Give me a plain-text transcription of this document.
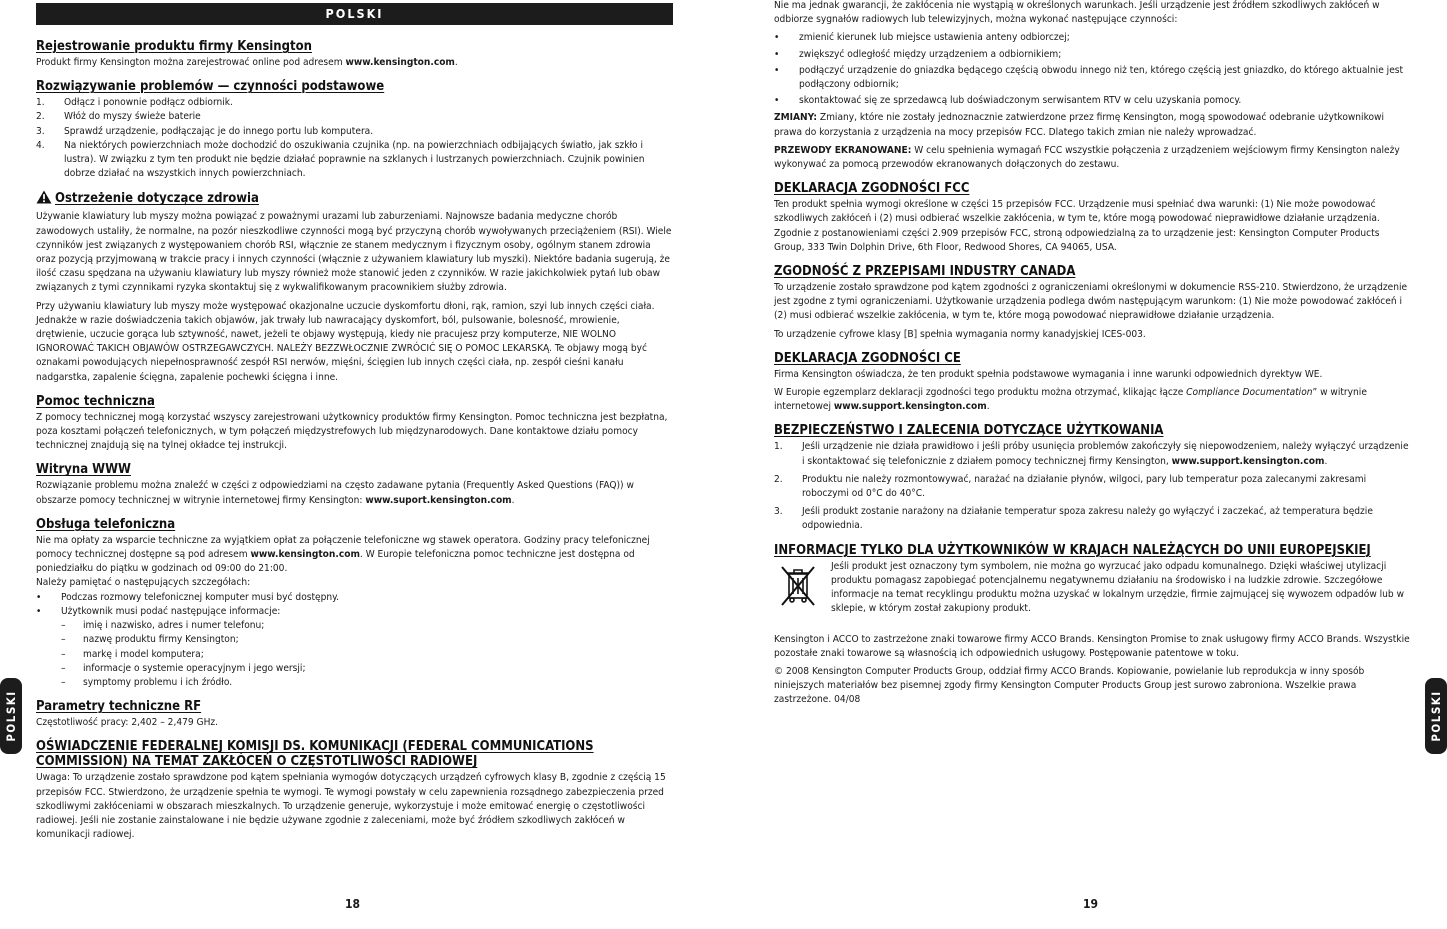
POLSKI
Rejestrowanie produktu firmy Kensington

Produkt firmy Kensington można zarejestrować online pod adresem www.kensington.com.

Rozwiązywanie problemów — czynności podstawowe
1. Odłącz i ponownie podłącz odbiornik.
2. Włóż do myszy świeże baterie
3. Sprawdź urządzenie, podłączając je do innego portu lub komputera.
4. Na niektórych powierzchniach może dochodzić do oszukiwania czujnika (np. na powierzchniach odbijających światło, jak szkło i lustra). W związku z tym ten produkt nie będzie działać poprawnie na szklanych i lustrzanych powierzchniach. Czujnik powinien dobrze działać na wszystkich innych powierzchniach.
Ostrzeżenie dotyczące zdrowia

Używanie klawiatury lub myszy można powiązać z poważnymi urazami lub zaburzeniami. Najnowsze badania medyczne chorób zawodowych ustaliły, że normalne, na pozór nieszkodliwe czynności mogą być przyczyną chorób wywoływanych przeciążeniem (RSI). Wiele czynników jest związanych z występowaniem chorób RSI, włącznie ze stanem medycznym i fizycznym osoby, ogólnym stanem zdrowia oraz pozycją przyjmowaną w trakcie pracy i innych czynności (włącznie z używaniem klawiatury lub myszki). Niektóre badania sugerują, że ilość czasu spędzana na używaniu klawiatury lub myszy również może stanowić jeden z czynników. W razie jakichkolwiek pytań lub obaw związanych z tymi czynnikami ryzyka skontaktuj się z wykwalifikowanym pracownikiem służby zdrowia.

Przy używaniu klawiatury lub myszy może występować okazjonalne uczucie dyskomfortu dłoni, rąk, ramion, szyi lub innych części ciała. Jednakże w razie doświadczenia takich objawów, jak trwały lub nawracający dyskomfort, ból, pulsowanie, bolesność, mrowienie, drętwienie, uczucie gorąca lub sztywność, nawet, jeżeli te objawy występują, kiedy nie pracujesz przy komputerze, NIE WOLNO IGNOROWAĆ TAKICH OBJAWÓW OSTRZEGAWCZYCH. NALEŻY BEZZWŁOCZNIE ZWRÓCIĆ SIĘ O POMOC LEKARSKĄ. Te objawy mogą być oznakami powodujących niepełnosprawność zespół RSI nerwów, mięśni, ścięgien lub innych części ciała, np. zespół cieśni kanału nadgarstka, zapalenie ścięgna, zapalenie pochewki ścięgna i inne.

Pomoc techniczna

Z pomocy technicznej mogą korzystać wszyscy zarejestrowani użytkownicy produktów firmy Kensington. Pomoc techniczna jest bezpłatna, poza kosztami połączeń telefonicznych, w tym połączeń międzystrefowych lub międzynarodowych. Dane kontaktowe działu pomocy technicznej znajdują się na tylnej okładce tej instrukcji.

Witryna WWW

Rozwiązanie problemu można znaleźć w części z odpowiedziami na często zadawane pytania (Frequently Asked Questions (FAQ)) w obszarze pomocy technicznej w witrynie internetowej firmy Kensington: www.suport.kensington.com.

Obsługa telefoniczna

Nie ma opłaty za wsparcie techniczne za wyjątkiem opłat za połączenie telefoniczne wg stawek operatora. Godziny pracy telefonicznej pomocy technicznej dostępne są pod adresem www.kensington.com. W Europie telefoniczna pomoc techniczne jest dostępna od poniedziałku do piątku w godzinach od 09:00 do 21:00.

Należy pamiętać o następujących szczegółach:

• Podczas rozmowy telefonicznej komputer musi być dostępny.
• Użytkownik musi podać następujące informacje:
– imię i nazwisko, adres i numer telefonu;
– nazwę produktu firmy Kensington;
– markę i model komputera;
– informacje o systemie operacyjnym i jego wersji;
– symptomy problemu i ich źródło.
Parametry techniczne RF

Częstotliwość pracy: 2,402 – 2,479 GHz.

OŚWIADCZENIE FEDERALNEJ KOMISJI DS. KOMUNIKACJI (FEDERAL COMMUNICATIONS COMMISSION) NA TEMAT ZAKŁÓCEŃ O CZĘSTOTLIWOŚCI RADIOWEJ

Uwaga: To urządzenie zostało sprawdzone pod kątem spełniania wymogów dotyczących urządzeń cyfrowych klasy B, zgodnie z częścią 15 przepisów FCC. Stwierdzono, że urządzenie spełnia te wymogi. Te wymogi powstały w celu zapewnienia rozsądnego zabezpieczenia przed szkodliwymi zakłóceniami w obszarach mieszkalnych. To urządzenie generuje, wykorzystuje i może emitować energię o częstotliwości radiowej. Jeśli nie zostanie zainstalowane i nie będzie używane zgodnie z zaleceniami, może być źródłem szkodliwych zakłóceń w komunikacji radiowej.

18
POLSKI

Nie ma jednak gwarancji, że zakłócenia nie wystąpią w określonych warunkach. Jeśli urządzenie jest źródłem szkodliwych zakłóceń w odbiorze sygnałów radiowych lub telewizyjnych, można wykonać następujące czynności:

• zmienić kierunek lub miejsce ustawienia anteny odbiorczej;
• zwiększyć odległość między urządzeniem a odbiornikiem;
• podłączyć urządzenie do gniazdka będącego częścią obwodu innego niż ten, którego częścią jest gniazdko, do którego aktualnie jest podłączony odbiornik;
• skontaktować się ze sprzedawcą lub doświadczonym serwisantem RTV w celu uzyskania pomocy.

ZMIANY: Zmiany, które nie zostały jednoznacznie zatwierdzone przez firmę Kensington, mogą spowodować odebranie użytkownikowi prawa do korzystania z urządzenia na mocy przepisów FCC. Dlatego takich zmian nie należy wprowadzać.

PRZEWODY EKRANOWANE: W celu spełnienia wymagań FCC wszystkie połączenia z urządzeniem wejściowym firmy Kensington należy wykonywać za pomocą przewodów ekranowanych dołączonych do zestawu.

DEKLARACJA ZGODNOŚCI FCC

Ten produkt spełnia wymogi określone w części 15 przepisów FCC. Urządzenie musi spełniać dwa warunki: (1) Nie może powodować szkodliwych zakłóceń i (2) musi odbierać wszelkie zakłócenia, w tym te, które mogą powodować nieprawidłowe działanie urządzenia. Zgodnie z postanowieniami części 2.909 przepisów FCC, stroną odpowiedzialną za to urządzenie jest: Kensington Computer Products Group, 333 Twin Dolphin Drive, 6th Floor, Redwood Shores, CA 94065, USA.

ZGODNOŚĆ Z PRZEPISAMI INDUSTRY CANADA

To urządzenie zostało sprawdzone pod kątem zgodności z ograniczeniami określonymi w dokumencie RSS-210. Stwierdzono, że urządzenie jest zgodne z tymi ograniczeniami. Użytkowanie urządzenia podlega dwóm następującym warunkom: (1) Nie może powodować zakłóceń i (2) musi odbierać wszelkie zakłócenia, w tym te, które mogą powodować nieprawidłowe działanie urządzenia.

To urządzenie cyfrowe klasy [B] spełnia wymagania normy kanadyjskiej ICES-003.

DEKLARACJA ZGODNOŚCI CE

Firma Kensington oświadcza, że ten produkt spełnia podstawowe wymagania i inne warunki odpowiednich dyrektyw WE.

W Europie egzemplarz deklaracji zgodności tego produktu można otrzymać, klikając łącze Compliance Documentation” w witrynie internetowej www.support.kensington.com.

BEZPIECZEŃSTWO I ZALECENIA DOTYCZĄCE UŻYTKOWANIA
1. Jeśli urządzenie nie działa prawidłowo i jeśli próby usunięcia problemów zakończyły się niepowodzeniem, należy wyłączyć urządzenie i skontaktować się telefonicznie z działem pomocy technicznej firmy Kensington, www.support.kensington.com.
2. Produktu nie należy rozmontowywać, narażać na działanie płynów, wilgoci, pary lub temperatur poza zalecanymi zakresami roboczymi od 0°C do 40°C.
3. Jeśli produkt zostanie narażony na działanie temperatur spoza zakresu należy go wyłączyć i zaczekać, aż temperatura będzie odpowiednia.
INFORMACJE TYLKO DLA UŻYTKOWNIKÓW W KRAJACH NALEŻĄCYCH DO UNII EUROPEJSKIEJ

Jeśli produkt jest oznaczony tym symbolem, nie można go wyrzucać jako odpadu komunalnego. Dzięki właściwej utylizacji produktu pomagasz zapobiegać potencjalnemu negatywnemu działaniu na środowisko i na ludzkie zdrowie. Szczegółowe informacje na temat recyklingu produktu można uzyskać w lokalnym urzędzie, firmie zajmującej się wywozem odpadów lub w sklepie, w którym został zakupiony produkt.

Kensington i ACCO to zastrzeżone znaki towarowe firmy ACCO Brands. Kensington Promise to znak usługowy firmy ACCO Brands. Wszystkie pozostałe znaki towarowe są własnością ich odpowiednich usługowy. Postępowanie patentowe w toku.

© 2008 Kensington Computer Products Group, oddział firmy ACCO Brands. Kopiowanie, powielanie lub reprodukcja w inny sposób niniejszych materiałów bez pisemnej zgody firmy Kensington Computer Products Group jest surowo zabroniona. Wszelkie prawa zastrzeżone. 04/08

19
POLSKI
